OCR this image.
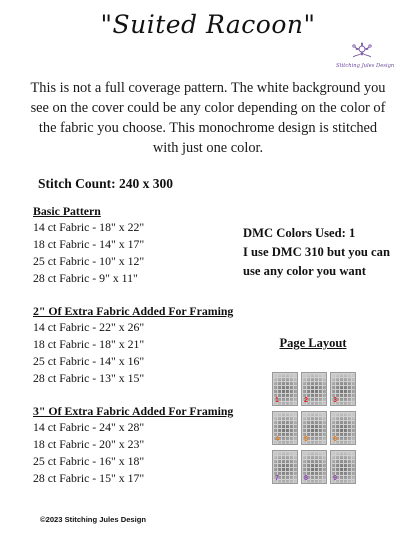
"Suited Racoon"
Stitching Jules Design
This is not a full coverage pattern. The white background you see on the cover could be any color depending on the color of the fabric you choose. This monochrome design is stitched with just one color.
Stitch Count: 240 x 300
Basic Pattern
14 ct Fabric - 18" x 22"
18 ct Fabric - 14" x 17"
25 ct Fabric - 10" x 12"
28 ct Fabric - 9" x 11"
2" Of Extra Fabric Added For Framing
14 ct Fabric - 22" x 26"
18 ct Fabric - 18" x 21"
25 ct Fabric - 14" x 16"
28 ct Fabric - 13" x 15"
3" Of Extra Fabric Added For Framing
14 ct Fabric - 24" x 28"
18 ct Fabric - 20" x 23"
25 ct Fabric - 16" x 18"
28 ct Fabric - 15" x 17"
DMC Colors Used: 1
I use DMC 310 but you can
use any color you want
Page Layout
1	2	3
4	5	6
7	8	9
©2023 Stitching Jules Design
